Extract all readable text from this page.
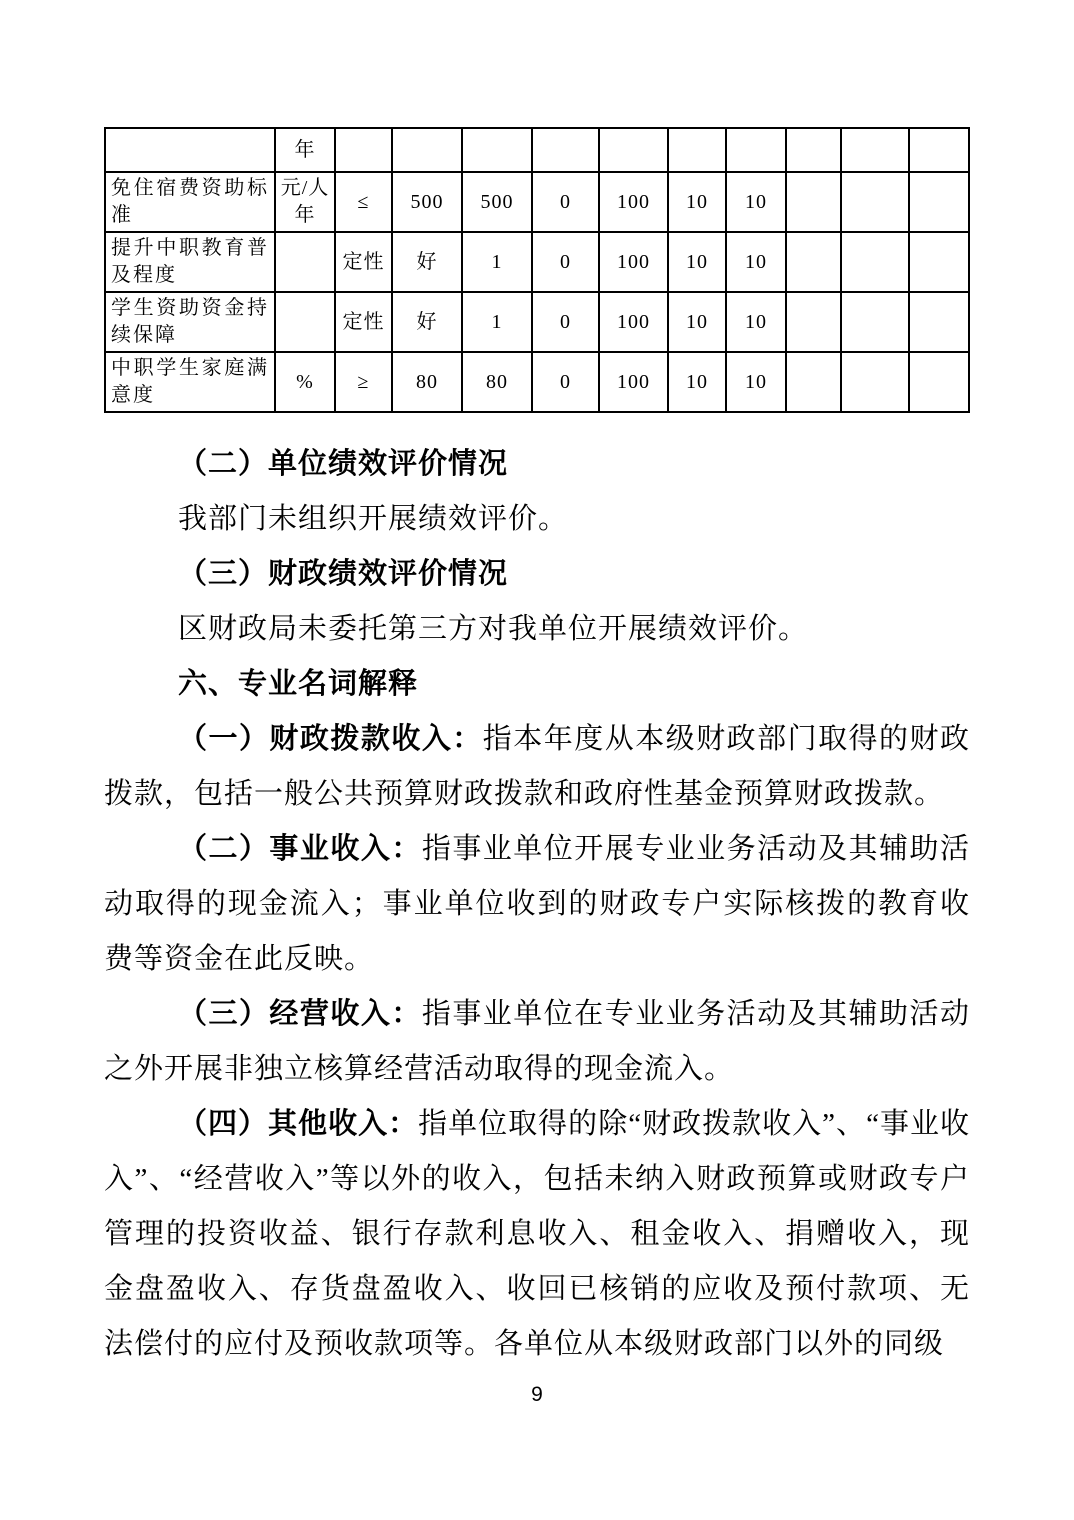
	年										
免住宿费资助标准	元/人年	≤	500	500	0	100	10	10			
提升中职教育普及程度		定性	好	1	0	100	10	10			
学生资助资金持续保障		定性	好	1	0	100	10	10			
中职学生家庭满意度	%	≥	80	80	0	100	10	10			

（二）单位绩效评价情况

我部门未组织开展绩效评价。

（三）财政绩效评价情况

区财政局未委托第三方对我单位开展绩效评价。

六、专业名词解释

（一）财政拨款收入：指本年度从本级财政部门取得的财政拨款，包括一般公共预算财政拨款和政府性基金预算财政拨款。

（二）事业收入：指事业单位开展专业业务活动及其辅助活动取得的现金流入；事业单位收到的财政专户实际核拨的教育收费等资金在此反映。

（三）经营收入：指事业单位在专业业务活动及其辅助活动之外开展非独立核算经营活动取得的现金流入。

（四）其他收入：指单位取得的除“财政拨款收入”、“事业收入”、“经营收入”等以外的收入，包括未纳入财政预算或财政专户管理的投资收益、银行存款利息收入、租金收入、捐赠收入，现金盘盈收入、存货盘盈收入、收回已核销的应收及预付款项、无法偿付的应付及预收款项等。各单位从本级财政部门以外的同级

9
